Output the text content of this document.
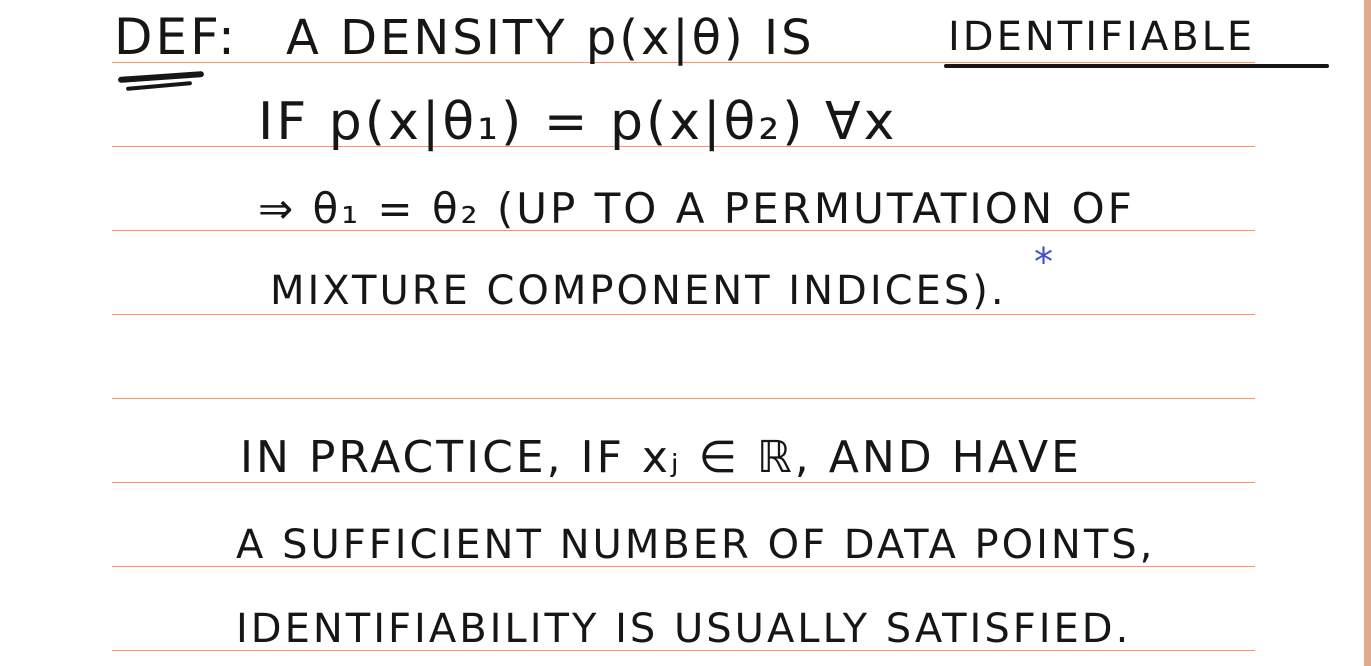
DEF: A DENSITY p(x|θ) IS	IDENTIFIABLE
IF p(x|θ₁) = p(x|θ₂) ∀x
⇒ θ₁ = θ₂ (UP TO A PERMUTATION OF
MIXTURE COMPONENT INDICES).
*
IN PRACTICE, IF xⱼ ∈ ℝ, AND HAVE
A SUFFICIENT NUMBER OF DATA POINTS,
IDENTIFIABILITY IS USUALLY SATISFIED.
